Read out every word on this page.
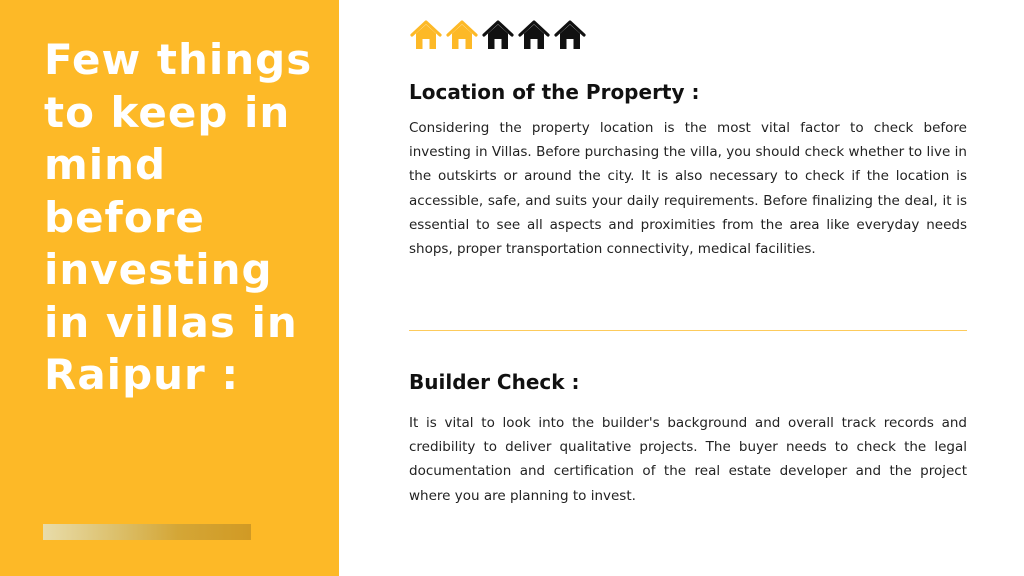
Few things to keep in mind before investing in villas in Raipur :
Location of the Property :

Considering the property location is the most vital factor to check before investing in Villas. Before purchasing the villa, you should check whether to live in the outskirts or around the city. It is also necessary to check if the location is accessible, safe, and suits your daily requirements. Before finalizing the deal, it is essential to see all aspects and proximities from the area like everyday needs shops, proper transportation connectivity, medical facilities.

Builder Check :

It is vital to look into the builder's background and overall track records and credibility to deliver qualitative projects. The buyer needs to check the legal documentation and certification of the real estate developer and the project where you are planning to invest.
